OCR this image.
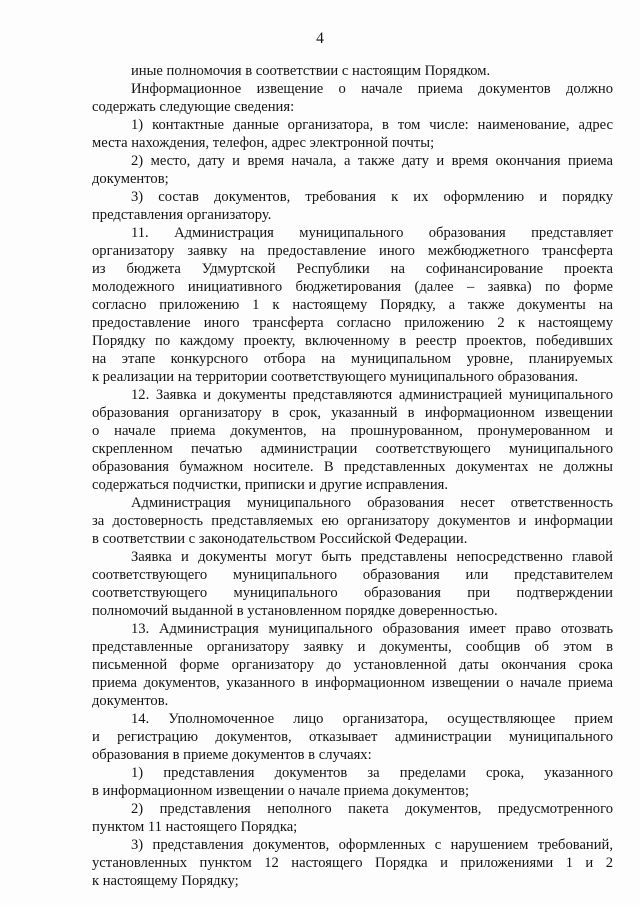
4

иные полномочия в соответствии с настоящим Порядком.

Информационное извещение о начале приема документов должно
содержать следующие сведения:

1) контактные данные организатора, в том числе: наименование, адрес
места нахождения, телефон, адрес электронной почты;

2) место, дату и время начала, а также дату и время окончания приема
документов;

3) состав документов, требования к их оформлению и порядку
представления организатору.

11. Администрация муниципального образования представляет
организатору заявку на предоставление иного межбюджетного трансферта
из бюджета Удмуртской Республики на софинансирование проекта
молодежного инициативного бюджетирования (далее – заявка) по форме
согласно приложению 1 к настоящему Порядку, а также документы на
предоставление иного трансферта согласно приложению 2 к настоящему
Порядку по каждому проекту, включенному в реестр проектов, победивших
на этапе конкурсного отбора на муниципальном уровне, планируемых
к реализации на территории соответствующего муниципального образования.

12. Заявка и документы представляются администрацией муниципального
образования организатору в срок, указанный в информационном извещении
о начале приема документов, на прошнурованном, пронумерованном и
скрепленном печатью администрации соответствующего муниципального
образования бумажном носителе. В представленных документах не должны
содержаться подчистки, приписки и другие исправления.

Администрация муниципального образования несет ответственность
за достоверность представляемых ею организатору документов и информации
в соответствии с законодательством Российской Федерации.

Заявка и документы могут быть представлены непосредственно главой
соответствующего муниципального образования или представителем
соответствующего муниципального образования при подтверждении
полномочий выданной в установленном порядке доверенностью.

13. Администрация муниципального образования имеет право отозвать
представленные организатору заявку и документы, сообщив об этом в
письменной форме организатору до установленной даты окончания срока
приема документов, указанного в информационном извещении о начале приема
документов.

14. Уполномоченное лицо организатора, осуществляющее прием
и регистрацию документов, отказывает администрации муниципального
образования в приеме документов в случаях:

1) представления документов за пределами срока, указанного
в информационном извещении о начале приема документов;

2) представления неполного пакета документов, предусмотренного
пунктом 11 настоящего Порядка;

3) представления документов, оформленных с нарушением требований,
установленных пунктом 12 настоящего Порядка и приложениями 1 и 2
к настоящему Порядку;
